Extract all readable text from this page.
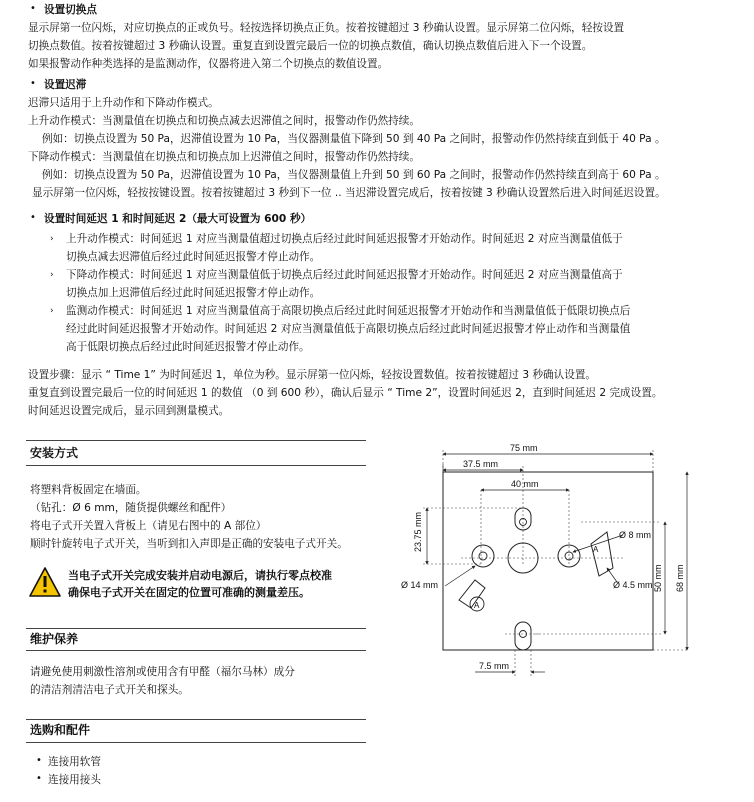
• 设置切换点
显示屏第一位闪烁，对应切换点的正或负号。轻按选择切换点正负。按着按键超过 3 秒确认设置。显示屏第二位闪烁，轻按设置
切换点数值。按着按键超过 3 秒确认设置。重复直到设置完最后一位的切换点数值，确认切换点数值后进入下一个设置。
如果报警动作种类选择的是监测动作，仪器将进入第二个切换点的数值设置。
• 设置迟滞
迟滞只适用于上升动作和下降动作模式。
上升动作模式：当测量值在切换点和切换点减去迟滞值之间时，报警动作仍然持续。
例如：切换点设置为 50 Pa，迟滞值设置为 10 Pa，当仪器测量值下降到 50 到 40 Pa 之间时，报警动作仍然持续直到低于 40 Pa 。
下降动作模式：当测量值在切换点和切换点加上迟滞值之间时，报警动作仍然持续。
例如：切换点设置为 50 Pa，迟滞值设置为 10 Pa，当仪器测量值上升到 50 到 60 Pa 之间时，报警动作仍然持续直到高于 60 Pa 。
显示屏第一位闪烁，轻按按键设置。按着按键超过 3 秒到下一位 .. 当迟滞设置完成后，按着按键 3 秒确认设置然后进入时间延迟设置。
• 设置时间延迟 1 和时间延迟 2（最大可设置为 600 秒）
› 上升动作模式：时间延迟 1 对应当测量值超过切换点后经过此时间延迟报警才开始动作。时间延迟 2 对应当测量值低于
切换点减去迟滞值后经过此时间延迟报警才停止动作。
› 下降动作模式：时间延迟 1 对应当测量值低于切换点后经过此时间延迟报警才开始动作。时间延迟 2 对应当测量值高于
切换点加上迟滞值后经过此时间延迟报警才停止动作。
› 监测动作模式：时间延迟 1 对应当测量值高于高限切换点后经过此时间延迟报警才开始动作和当测量值低于低限切换点后
经过此时间延迟报警才开始动作。时间延迟 2 对应当测量值低于高限切换点后经过此时间延迟报警才停止动作和当测量值
高于低限切换点后经过此时间延迟报警才停止动作。
设置步骤：显示 “ Time 1” 为时间延迟 1，单位为秒。显示屏第一位闪烁，轻按设置数值。按着按键超过 3 秒确认设置。
重复直到设置完最后一位的时间延迟 1 的数值 （0 到 600 秒），确认后显示 “ Time 2”，设置时间延迟 2，直到时间延迟 2 完成设置。
时间延迟设置完成后，显示回到测量模式。
安装方式
将塑料背板固定在墙面。
（钻孔：Ø 6 mm，随货提供螺丝和配件）
将电子式开关置入背板上（请见右图中的 A 部位）
顺时针旋转电子式开关，当听到扣入声即是正确的安装电子式开关。
当电子式开关完成安装并启动电源后，请执行零点校准
确保电子式开关在固定的位置可准确的测量差压。
维护保养
请避免使用刺激性溶剂或使用含有甲醛（福尔马林）成分
的清洁剂清洁电子式开关和探头。
选购和配件
• 连接用软管
• 连接用接头
75 mm
37.5 mm
40 mm
23.75 mm
A
A
Ø 8 mm
Ø 14 mm	Ø 4.5 mm 50 mm 68 mm
7.5 mm
